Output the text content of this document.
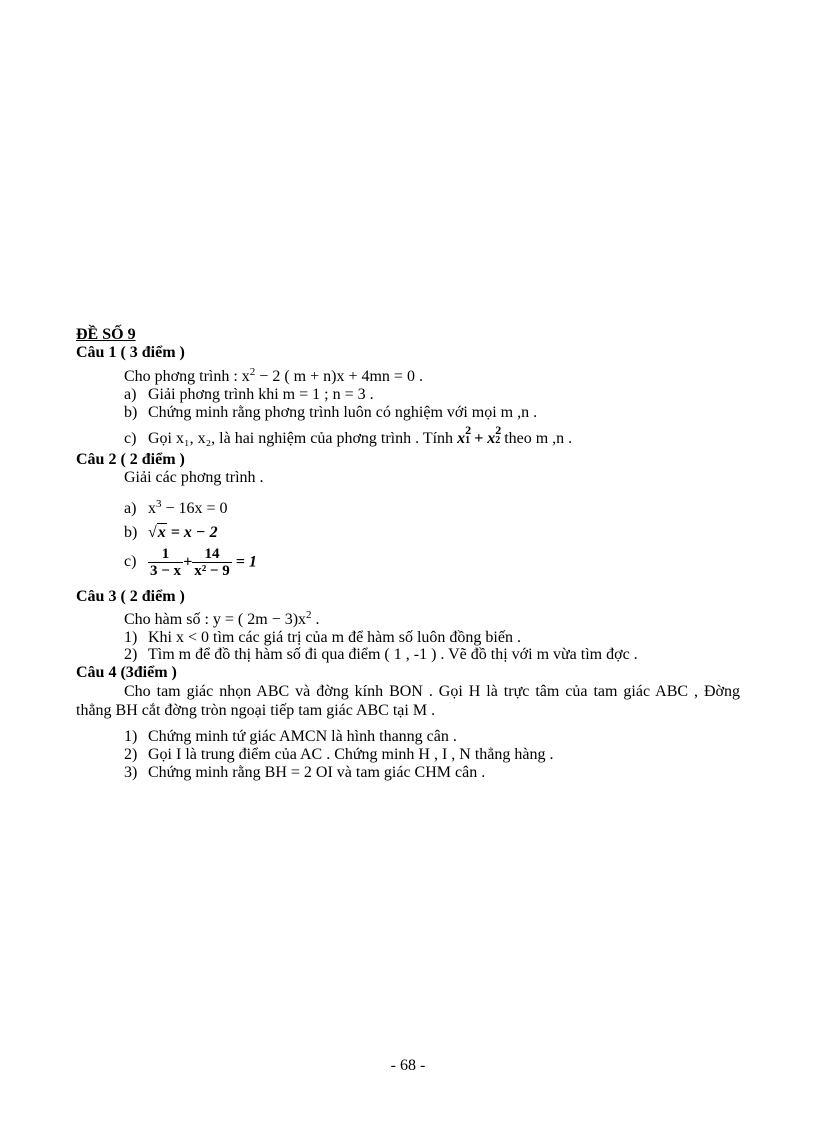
ĐỀ SỐ 9
Câu 1 ( 3 điểm )
Cho phơng trình : $x^2 - 2$ ( m + n)x + 4mn = 0 .
a) Giải phơng trình khi m = 1 ; n = 3 .
b) Chứng minh rằng phơng trình luôn có nghiệm với mọi m ,n .
c) Gọi x₁, x₂, là hai nghiệm của phơng trình . Tính x1
2 + x2
2 theo m ,n .
Câu 2 ( 2 điểm )
Giải các phơng trình .
a) $x^3 - 16x = 0$
b) √x = x − 2
$c) \frac{1}{3 - x} + \frac{14}{\text{x² − 9}} = 1$
Câu 3 ( 2 điểm )
Cho hàm số : y = ( $2m - 3)x^2$ .
1) Khi x < 0 tìm các giá trị của m để hàm số luôn đồng biến .
2) Tìm m để đồ thị hàm số đi qua điểm ( 1 , -1 ) . Vẽ đồ thị với m vừa tìm đợc .
Câu 4 (3điểm )
Cho tam giác nhọn ABC và đờng kính BON . Gọi H là trực tâm của tam giác ABC , Đờng thẳng BH cắt đờng tròn ngoại tiếp tam giác ABC tại M .
1) Chứng minh tứ giác AMCN là hình thanng cân .
2) Gọi I là trung điểm của AC . Chứng minh H , I , N thẳng hàng .
3) Chứng minh rằng BH = 2 OI và tam giác CHM cân .
- 68 -
